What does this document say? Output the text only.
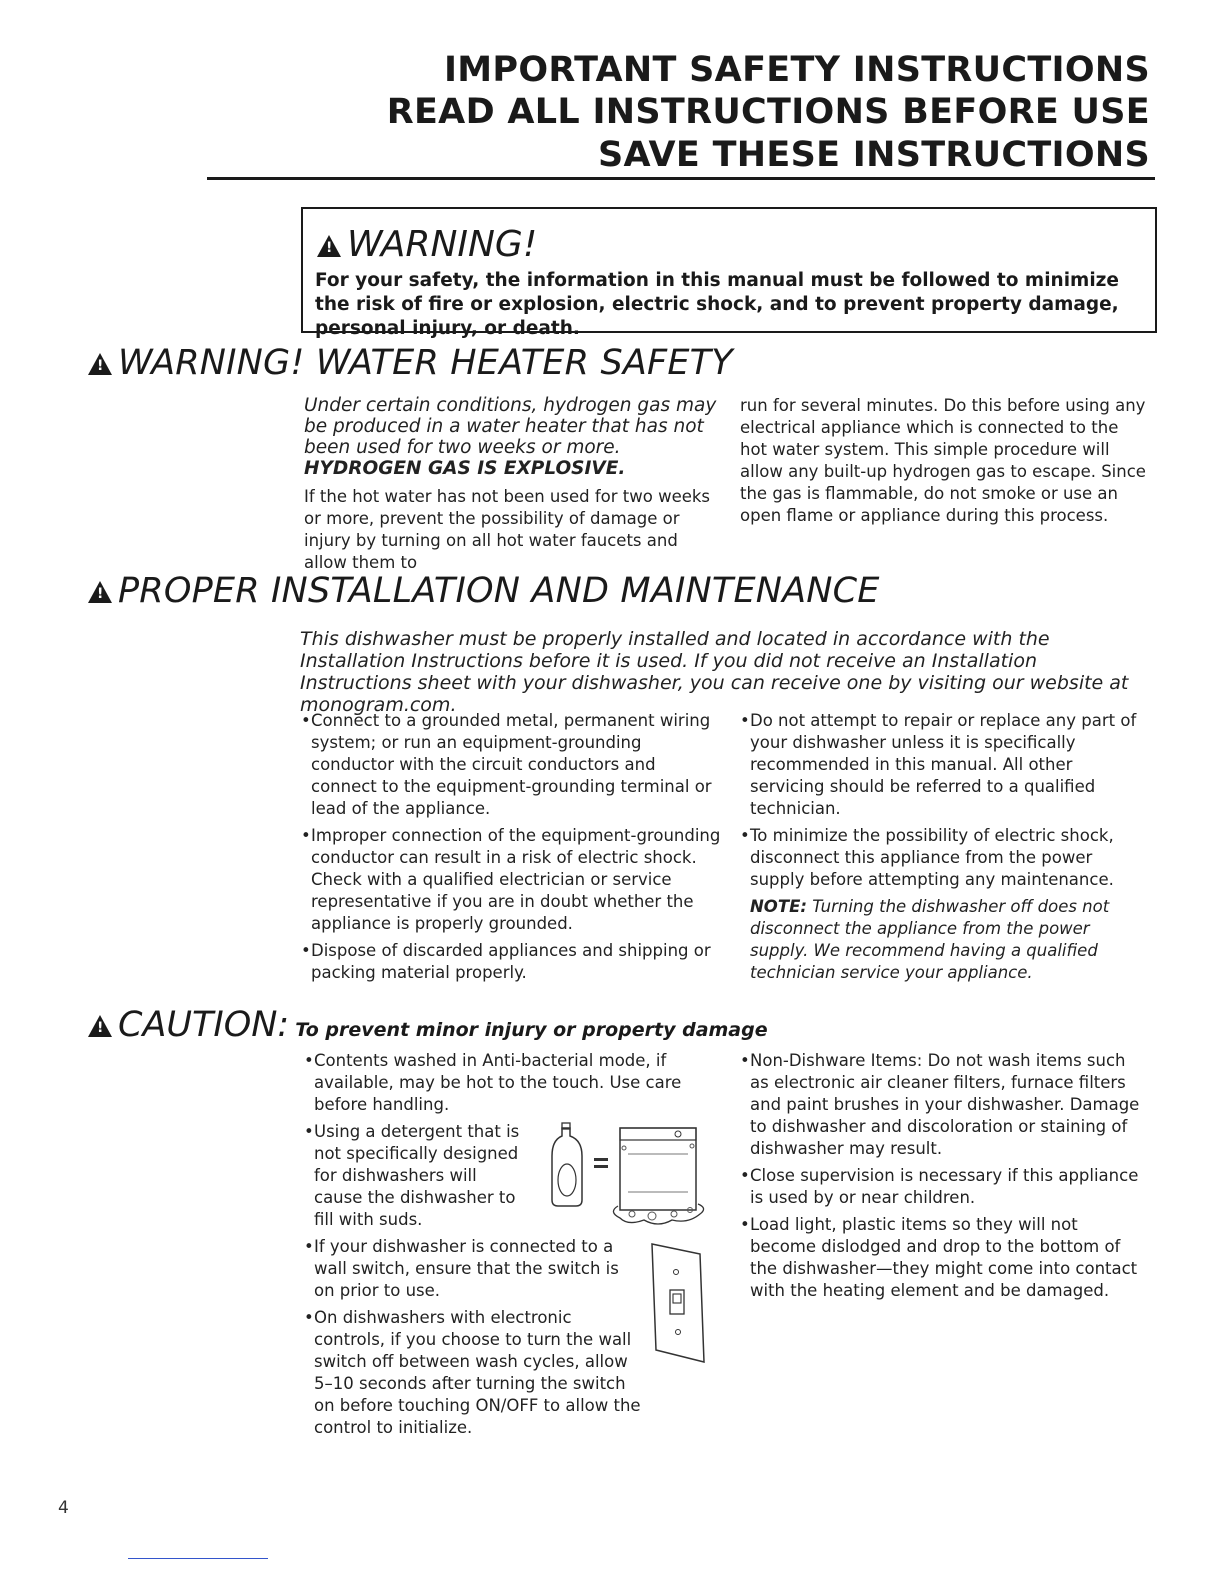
IMPORTANT SAFETY INSTRUCTIONS
READ ALL INSTRUCTIONS BEFORE USE
SAVE THESE INSTRUCTIONS
!WARNING!
For your safety, the information in this manual must be followed to minimize the risk of fire or explosion, electric shock, and to prevent property damage, personal injury, or death.
!WARNING! WATER HEATER SAFETY
Under certain conditions, hydrogen gas may be produced in a water heater that has not been used for two weeks or more. HYDROGEN GAS IS EXPLOSIVE.
If the hot water has not been used for two weeks or more, prevent the possibility of damage or injury by turning on all hot water faucets and allow them to
run for several minutes. Do this before using any electrical appliance which is connected to the hot water system. This simple procedure will allow any built-up hydrogen gas to escape. Since the gas is flammable, do not smoke or use an open flame or appliance during this process.
!PROPER INSTALLATION AND MAINTENANCE
This dishwasher must be properly installed and located in accordance with the Installation Instructions before it is used. If you did not receive an Installation Instructions sheet with your dishwasher, you can receive one by visiting our website at monogram.com.
• Connect to a grounded metal, permanent wiring system; or run an equipment-grounding conductor with the circuit conductors and connect to the equipment-grounding terminal or lead of the appliance.
• Improper connection of the equipment-grounding conductor can result in a risk of electric shock. Check with a qualified electrician or service representative if you are in doubt whether the appliance is properly grounded.
• Dispose of discarded appliances and shipping or packing material properly.
• Do not attempt to repair or replace any part of your dishwasher unless it is specifically recommended in this manual. All other servicing should be referred to a qualified technician.
• To minimize the possibility of electric shock, disconnect this appliance from the power supply before attempting any maintenance.
NOTE: Turning the dishwasher off does not disconnect the appliance from the power supply. We recommend having a qualified technician service your appliance.
!CAUTION: To prevent minor injury or property damage
• Contents washed in Anti-bacterial mode, if available, may be hot to the touch. Use care before handling.
• Using a detergent that is not specifically designed for dishwashers will cause the dishwasher to fill with suds.
• If your dishwasher is connected to a wall switch, ensure that the switch is on prior to use.
• On dishwashers with electronic controls, if you choose to turn the wall switch off between wash cycles, allow 5–10 seconds after turning the switch on before touching ON/OFF to allow the control to initialize.
• Non-Dishware Items: Do not wash items such as electronic air cleaner filters, furnace filters and paint brushes in your dishwasher. Damage to dishwasher and discoloration or staining of dishwasher may result.
• Close supervision is necessary if this appliance is used by or near children.
• Load light, plastic items so they will not become dislodged and drop to the bottom of the dishwasher—they might come into contact with the heating element and be damaged.
4
